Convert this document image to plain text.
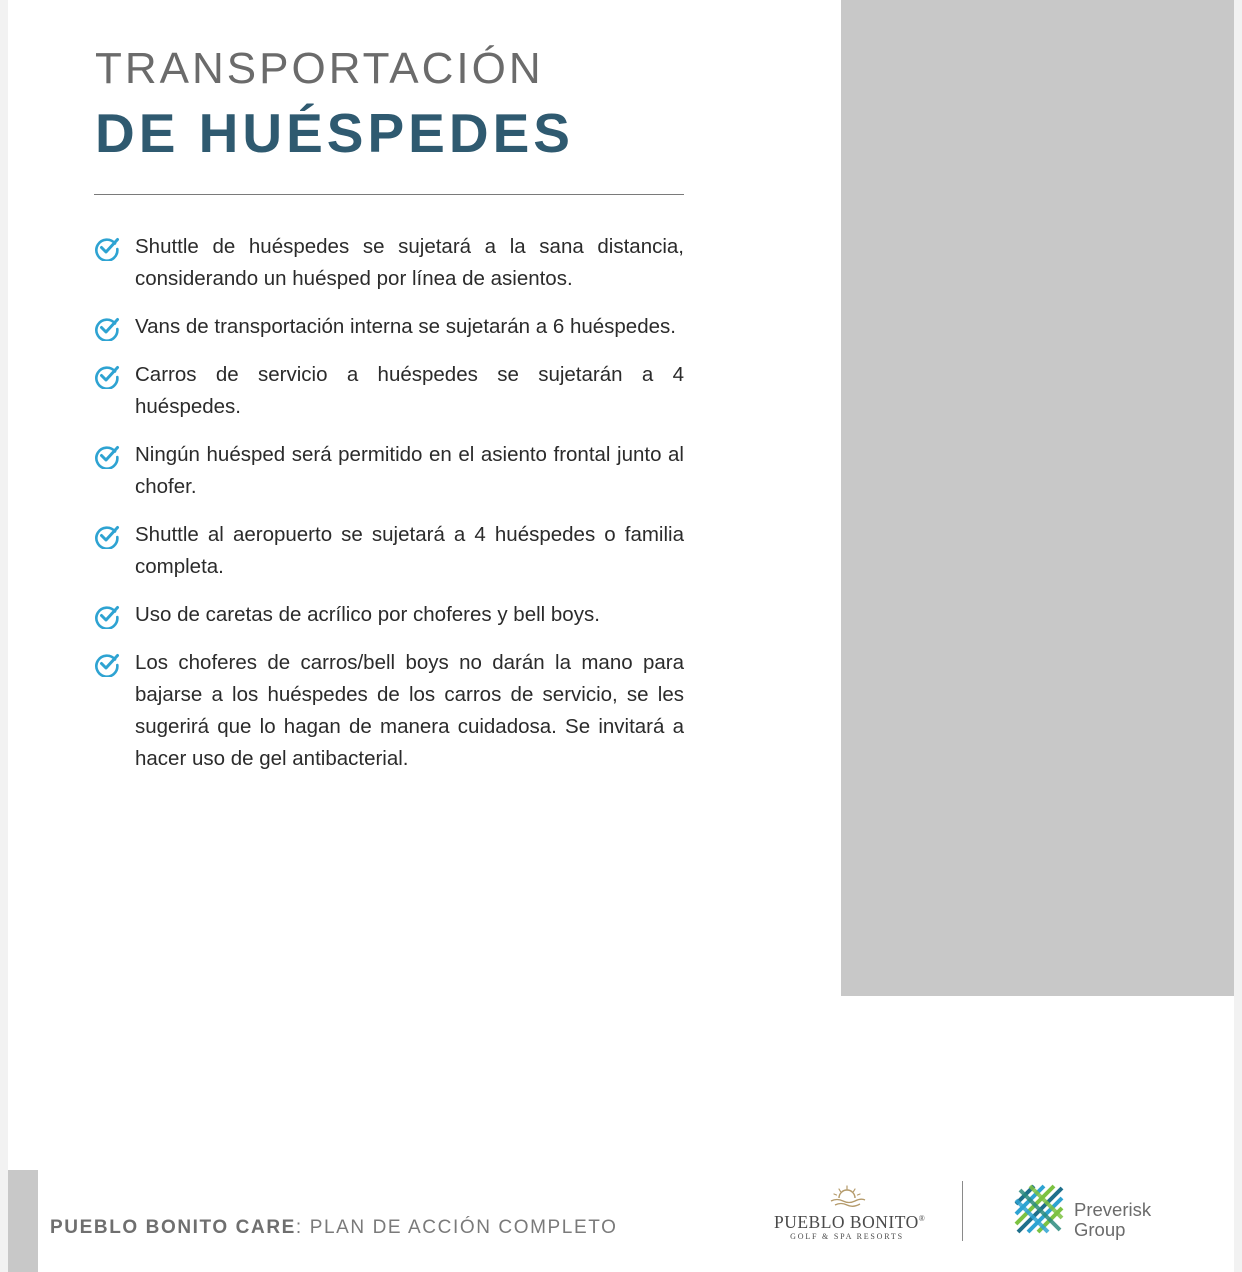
TRANSPORTACIÓN
DE HUÉSPEDES
Shuttle de huéspedes se sujetará a la sana distancia, considerando un huésped por línea de asientos.
Vans de transportación interna se sujetarán a 6 huéspedes.
Carros de servicio a huéspedes se sujetarán a 4 huéspedes.
Ningún huésped será permitido en el asiento frontal junto al chofer.
Shuttle al aeropuerto se sujetará a 4 huéspedes o familia completa.
Uso de caretas de acrílico por choferes y bell boys.
Los choferes de carros/bell boys no darán la mano para bajarse a los huéspedes de los carros de servicio, se les sugerirá que lo hagan de manera cuidadosa. Se invitará a hacer uso de gel antibacterial.
PUEBLO BONITO CARE: PLAN DE ACCIÓN COMPLETO	PUEBLO BONITO®
GOLF & SPA RESORTS
Preverisk
Group
